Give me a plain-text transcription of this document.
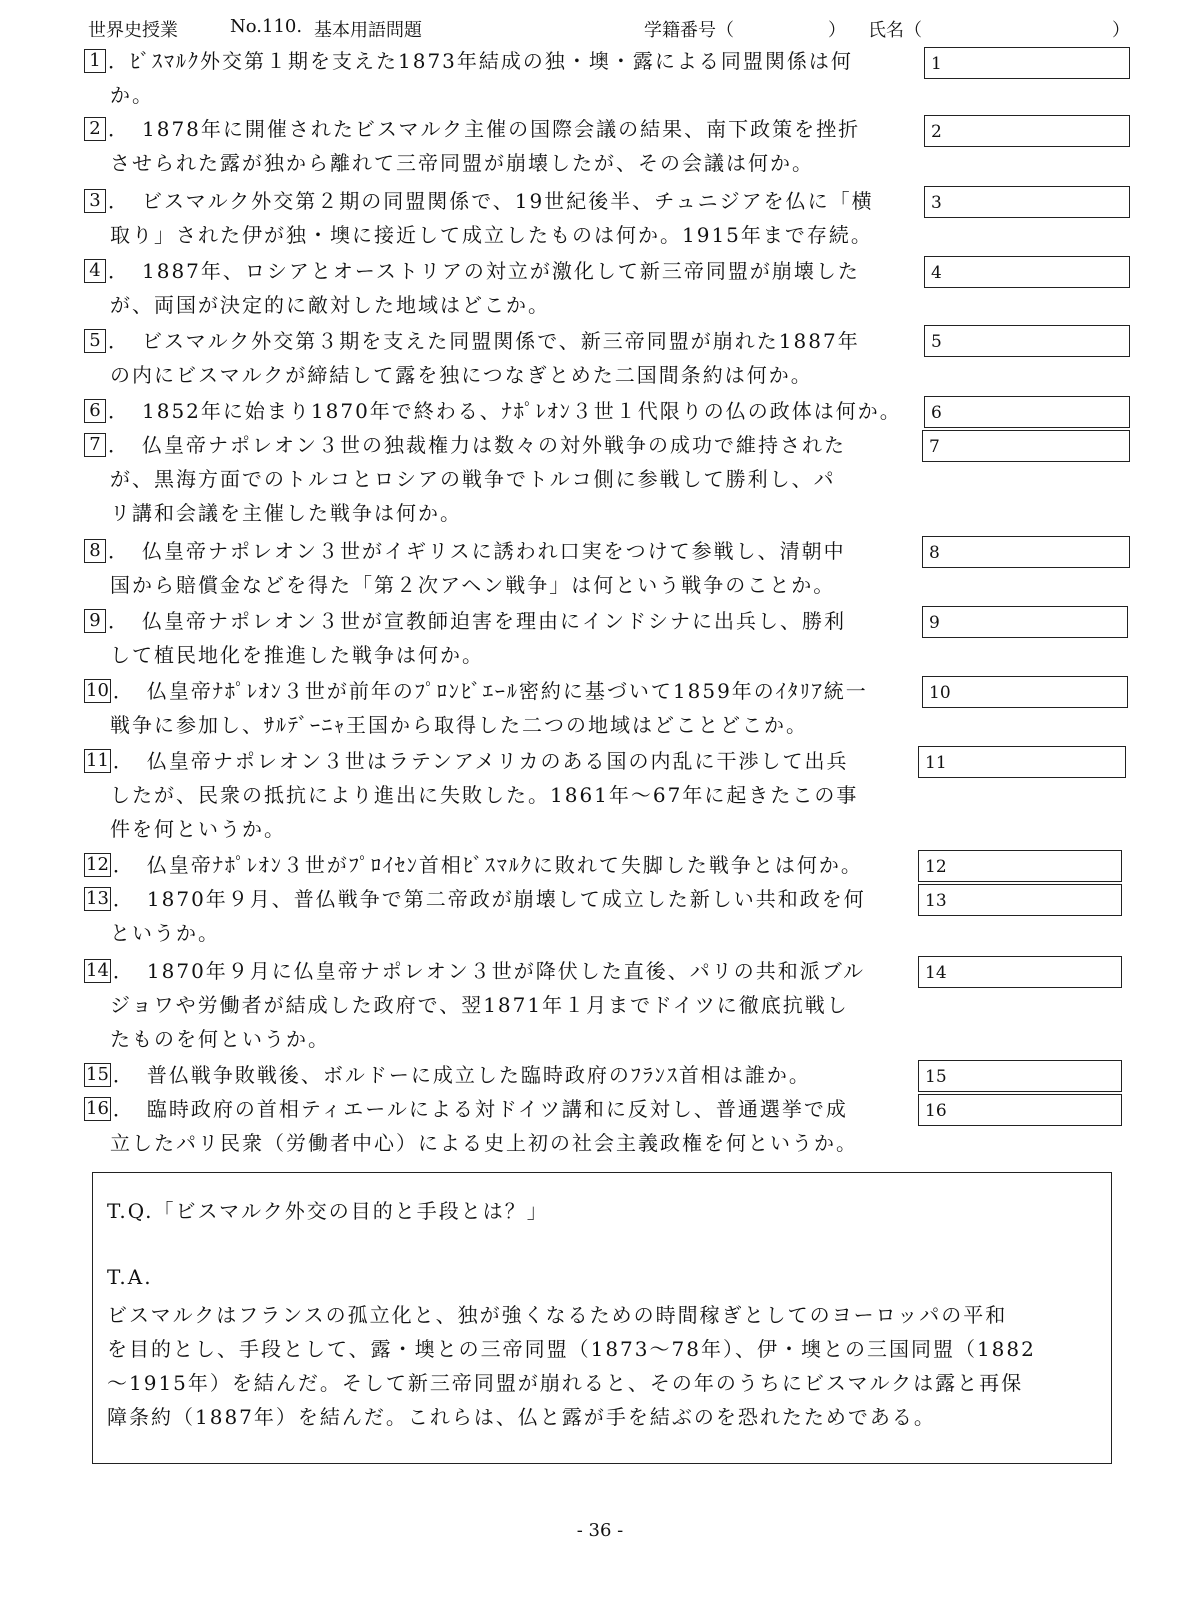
世界史授業	No.110. 基本用語問題	学籍番号（	） 氏名（	）
1 ．ﾋﾞｽﾏﾙｸ外交第１期を支えた1873年結成の独・墺・露による同盟関係は何
か。
1
2 ．　1878年に開催されたビスマルク主催の国際会議の結果、南下政策を挫折
させられた露が独から離れて三帝同盟が崩壊したが、その会議は何か。
2
3 ．　ビスマルク外交第２期の同盟関係で、19世紀後半、チュニジアを仏に「横
取り」された伊が独・墺に接近して成立したものは何か。1915年まで存続。
3
4 ．　1887年、ロシアとオーストリアの対立が激化して新三帝同盟が崩壊した
が、両国が決定的に敵対した地域はどこか。
4
5 ．　ビスマルク外交第３期を支えた同盟関係で、新三帝同盟が崩れた1887年
の内にビスマルクが締結して露を独につなぎとめた二国間条約は何か。
5
6 ．　1852年に始まり1870年で終わる、ﾅﾎﾟﾚｵﾝ３世１代限りの仏の政体は何か。	6
7 ．　仏皇帝ナポレオン３世の独裁権力は数々の対外戦争の成功で維持された
が、黒海方面でのトルコとロシアの戦争でトルコ側に参戦して勝利し、パ
リ講和会議を主催した戦争は何か。
7
8 ．　仏皇帝ナポレオン３世がイギリスに誘われ口実をつけて参戦し、清朝中
国から賠償金などを得た「第２次アヘン戦争」は何という戦争のことか。
8
9 ．　仏皇帝ナポレオン３世が宣教師迫害を理由にインドシナに出兵し、勝利
して植民地化を推進した戦争は何か。
9
10 ．　仏皇帝ﾅﾎﾟﾚｵﾝ３世が前年のﾌﾟﾛﾝﾋﾞｴｰﾙ密約に基づいて1859年のｲﾀﾘｱ統一
戦争に参加し、ｻﾙﾃﾞｰﾆｬ王国から取得した二つの地域はどことどこか。
10
11 ．　仏皇帝ナポレオン３世はラテンアメリカのある国の内乱に干渉して出兵
したが、民衆の抵抗により進出に失敗した。1861年～67年に起きたこの事
件を何というか。
11
12 ．　仏皇帝ﾅﾎﾟﾚｵﾝ３世がﾌﾟﾛｲｾﾝ首相ﾋﾞｽﾏﾙｸに敗れて失脚した戦争とは何か。	12
13 ．　1870年９月、普仏戦争で第二帝政が崩壊して成立した新しい共和政を何
というか。
13
14 ．　1870年９月に仏皇帝ナポレオン３世が降伏した直後、パリの共和派ブル
ジョワや労働者が結成した政府で、翌1871年１月までドイツに徹底抗戦し
たものを何というか。
14
15 ．　普仏戦争敗戦後、ボルドーに成立した臨時政府のﾌﾗﾝｽ首相は誰か。	15
16 ．　臨時政府の首相ティエールによる対ドイツ講和に反対し、普通選挙で成
立したパリ民衆（労働者中心）による史上初の社会主義政権を何というか。
16
T.Q.「ビスマルク外交の目的と手段とは？」
T.A.
ビスマルクはフランスの孤立化と、独が強くなるための時間稼ぎとしてのヨーロッパの平和
を目的とし、手段として、露・墺との三帝同盟（1873～78年）、伊・墺との三国同盟（1882
～1915年）を結んだ。そして新三帝同盟が崩れると、その年のうちにビスマルクは露と再保
障条約（1887年）を結んだ。これらは、仏と露が手を結ぶのを恐れたためである。
- 36 -
